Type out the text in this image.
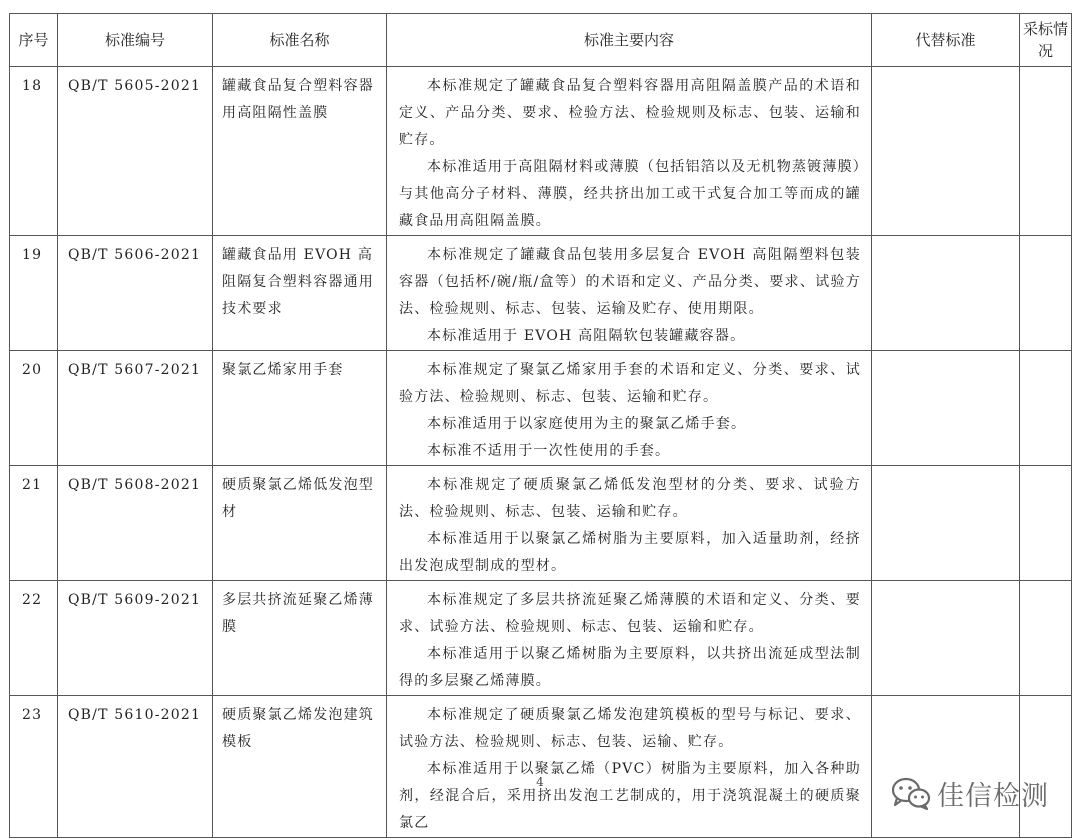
序号	标准编号	标准名称	标准主要内容	代替标准	采标情况
18	QB/T 5605-2021	罐藏食品复合塑料容器用高阻隔性盖膜	本标准规定了罐藏食品复合塑料容器用高阻隔盖膜产品的术语和定义、产品分类、要求、检验方法、检验规则及标志、包装、运输和贮存。

本标准适用于高阻隔材料或薄膜（包括铝箔以及无机物蒸镀薄膜）与其他高分子材料、薄膜，经共挤出加工或干式复合加工等而成的罐藏食品用高阻隔盖膜。		

19	QB/T 5606-2021	罐藏食品用 EVOH 高阻隔复合塑料容器通用技术要求	本标准规定了罐藏食品包装用多层复合 EVOH 高阻隔塑料包装容器（包括杯/碗/瓶/盒等）的术语和定义、产品分类、要求、试验方法、检验规则、标志、包装、运输及贮存、使用期限。

本标准适用于 EVOH 高阻隔软包装罐藏容器。		

20	QB/T 5607-2021	聚氯乙烯家用手套	本标准规定了聚氯乙烯家用手套的术语和定义、分类、要求、试验方法、检验规则、标志、包装、运输和贮存。

本标准适用于以家庭使用为主的聚氯乙烯手套。

本标准不适用于一次性使用的手套。		

21	QB/T 5608-2021	硬质聚氯乙烯低发泡型材	本标准规定了硬质聚氯乙烯低发泡型材的分类、要求、试验方法、检验规则、标志、包装、运输和贮存。

本标准适用于以聚氯乙烯树脂为主要原料，加入适量助剂，经挤出发泡成型制成的型材。		

22	QB/T 5609-2021	多层共挤流延聚乙烯薄膜	本标准规定了多层共挤流延聚乙烯薄膜的术语和定义、分类、要求、试验方法、检验规则、标志、包装、运输和贮存。

本标准适用于以聚乙烯树脂为主要原料，以共挤出流延成型法制得的多层聚乙烯薄膜。		

23	QB/T 5610-2021	硬质聚氯乙烯发泡建筑模板	本标准规定了硬质聚氯乙烯发泡建筑模板的型号与标记、要求、试验方法、检验规则、标志、包装、运输、贮存。

本标准适用于以聚氯乙烯（PVC）树脂为主要原料，加入各种助剂，经混合后，采用挤出发泡工艺制成的，用于浇筑混凝土的硬质聚氯乙		

4	佳信检测
